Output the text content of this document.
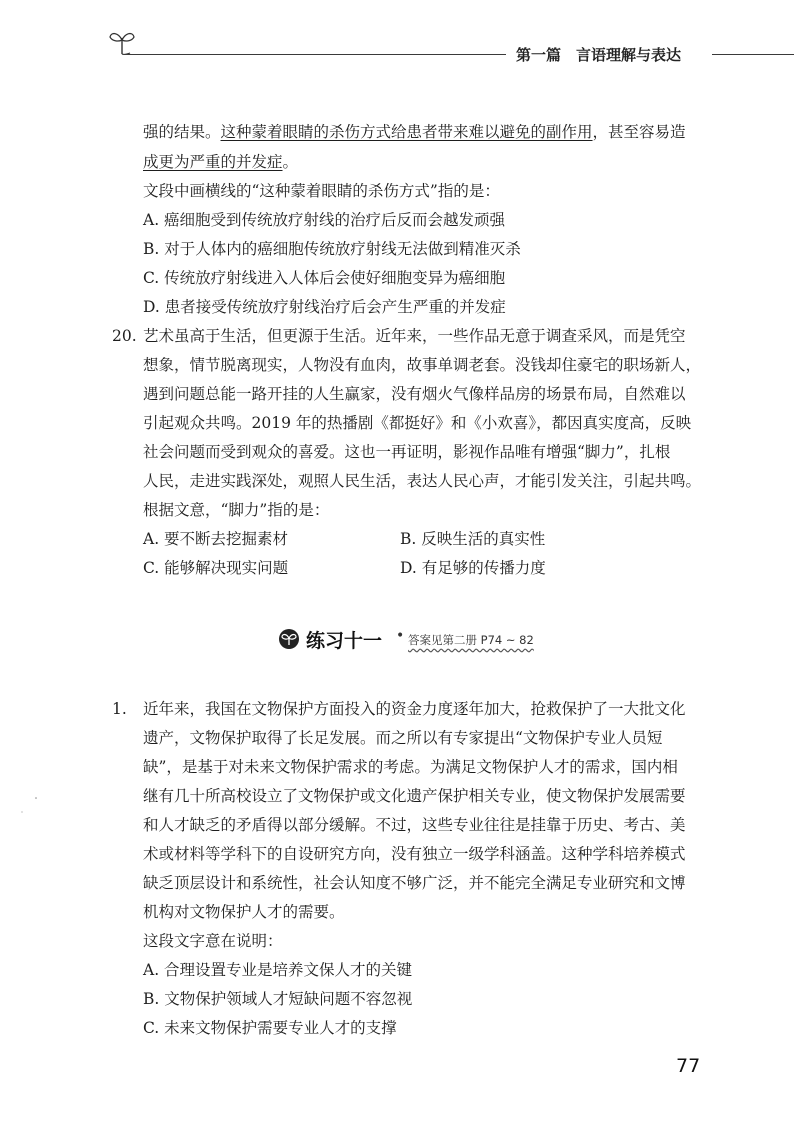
第一篇　言语理解与表达
强的结果。这种蒙着眼睛的杀伤方式给患者带来难以避免的副作用，甚至容易造
成更为严重的并发症。
文段中画横线的“这种蒙着眼睛的杀伤方式”指的是：
A. 癌细胞受到传统放疗射线的治疗后反而会越发顽强
B. 对于人体内的癌细胞传统放疗射线无法做到精准灭杀
C. 传统放疗射线进入人体后会使好细胞变异为癌细胞
D. 患者接受传统放疗射线治疗后会产生严重的并发症
20. 艺术虽高于生活，但更源于生活。近年来，一些作品无意于调查采风，而是凭空
想象，情节脱离现实，人物没有血肉，故事单调老套。没钱却住豪宅的职场新人，
遇到问题总能一路开挂的人生赢家，没有烟火气像样品房的场景布局，自然难以
引起观众共鸣。2019 年的热播剧《都挺好》和《小欢喜》，都因真实度高，反映
社会问题而受到观众的喜爱。这也一再证明，影视作品唯有增强“脚力”，扎根
人民，走进实践深处，观照人民生活，表达人民心声，才能引发关注，引起共鸣。
根据文意，“脚力”指的是：
A. 要不断去挖掘素材	B. 反映生活的真实性
C. 能够解决现实问题	D. 有足够的传播力度
练习十一 • 答案见第二册 P74 ~ 82
1. 近年来，我国在文物保护方面投入的资金力度逐年加大，抢救保护了一大批文化
遗产，文物保护取得了长足发展。而之所以有专家提出“文物保护专业人员短
缺”，是基于对未来文物保护需求的考虑。为满足文物保护人才的需求，国内相
继有几十所高校设立了文物保护或文化遗产保护相关专业，使文物保护发展需要
和人才缺乏的矛盾得以部分缓解。不过，这些专业往往是挂靠于历史、考古、美
术或材料等学科下的自设研究方向，没有独立一级学科涵盖。这种学科培养模式
缺乏顶层设计和系统性，社会认知度不够广泛，并不能完全满足专业研究和文博
机构对文物保护人才的需要。
这段文字意在说明：
A. 合理设置专业是培养文保人才的关键
B. 文物保护领域人才短缺问题不容忽视
C. 未来文物保护需要专业人才的支撑
77
